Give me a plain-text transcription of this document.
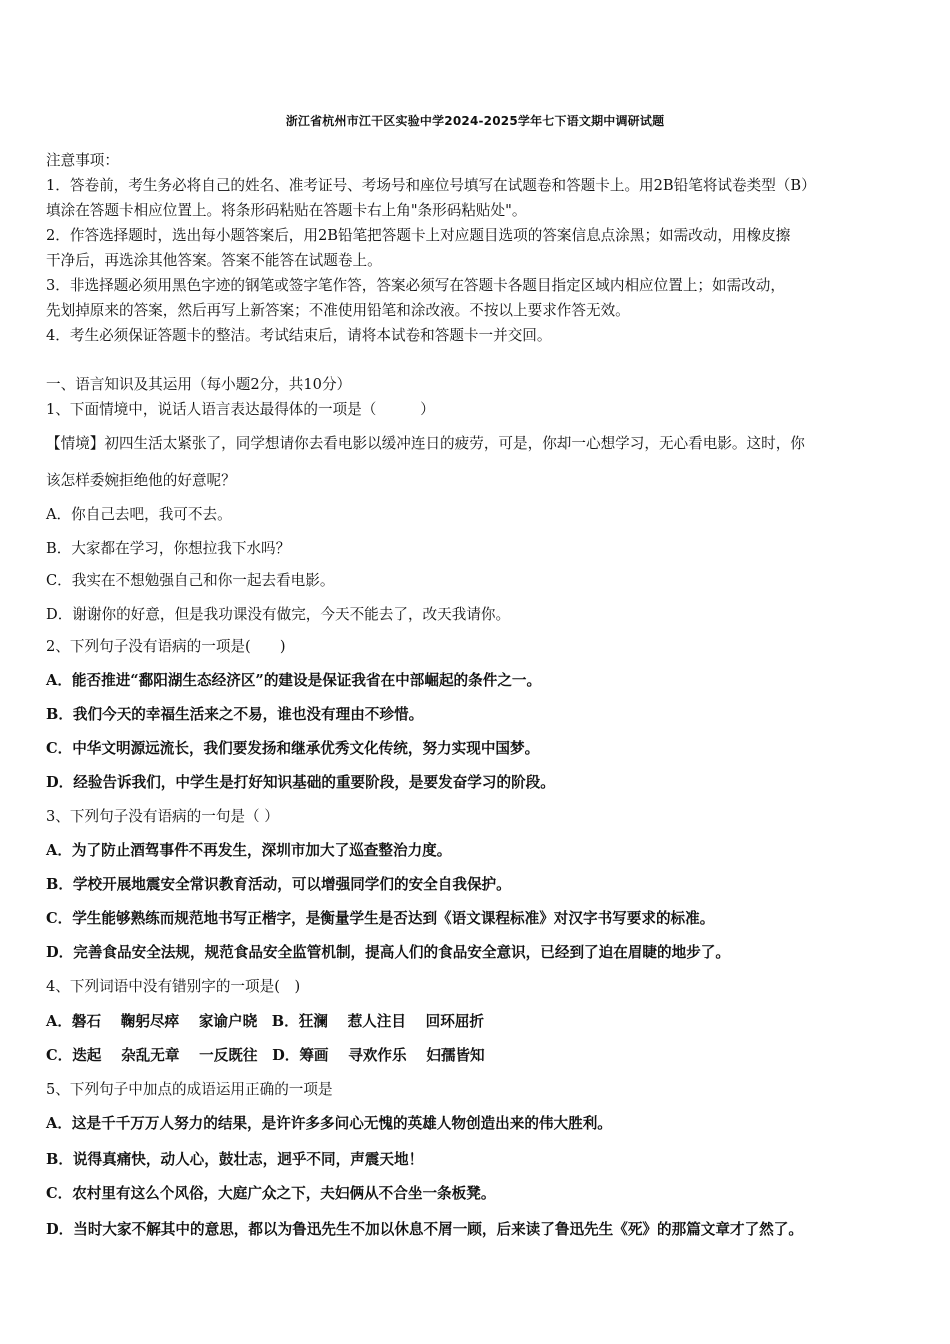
浙江省杭州市江干区实验中学2024-2025学年七下语文期中调研试题
注意事项：
1．答卷前，考生务必将自己的姓名、准考证号、考场号和座位号填写在试题卷和答题卡上。用2B铅笔将试卷类型（B）
填涂在答题卡相应位置上。将条形码粘贴在答题卡右上角"条形码粘贴处"。
2．作答选择题时，选出每小题答案后，用2B铅笔把答题卡上对应题目选项的答案信息点涂黑；如需改动，用橡皮擦
干净后，再选涂其他答案。答案不能答在试题卷上。
3．非选择题必须用黑色字迹的钢笔或签字笔作答，答案必须写在答题卡各题目指定区域内相应位置上；如需改动，
先划掉原来的答案，然后再写上新答案；不准使用铅笔和涂改液。不按以上要求作答无效。
4．考生必须保证答题卡的整洁。考试结束后，请将本试卷和答题卡一并交回。
一、语言知识及其运用（每小题2分，共10分）
1、下面情境中，说话人语言表达最得体的一项是（　　　）
【情境】初四生活太紧张了，同学想请你去看电影以缓冲连日的疲劳，可是，你却一心想学习，无心看电影。这时，你
该怎样委婉拒绝他的好意呢？
A．你自己去吧，我可不去。
B．大家都在学习，你想拉我下水吗？
C．我实在不想勉强自己和你一起去看电影。
D．谢谢你的好意，但是我功课没有做完，今天不能去了，改天我请你。
2、下列句子没有语病的一项是(　　)
A．能否推进“鄱阳湖生态经济区”的建设是保证我省在中部崛起的条件之一。
B．我们今天的幸福生活来之不易，谁也没有理由不珍惜。
C．中华文明源远流长，我们要发扬和继承优秀文化传统，努力实现中国梦。
D．经验告诉我们，中学生是打好知识基础的重要阶段，是要发奋学习的阶段。
3、下列句子没有语病的一句是（ ）
A．为了防止酒驾事件不再发生，深圳市加大了巡查整治力度。
B．学校开展地震安全常识教育活动，可以增强同学们的安全自我保护。
C．学生能够熟练而规范地书写正楷字，是衡量学生是否达到《语文课程标准》对汉字书写要求的标准。
D．完善食品安全法规，规范食品安全监管机制，提高人们的食品安全意识，已经到了迫在眉睫的地步了。
4、下列词语中没有错别字的一项是(　)
A．磐石　 鞠躬尽瘁　 家谕户晓　B．狂澜　 惹人注目　 回环屈折
C．迭起　 杂乱无章　 一反既往　D．筹画　 寻欢作乐　 妇孺皆知
5、下列句子中加点的成语运用正确的一项是
A．这是千千万万人努力的结果，是许许多多问心无愧的英雄人物创造出来的伟大胜利。
B．说得真痛快，动人心，鼓壮志，迥乎不同，声震天地！
C．农村里有这么个风俗，大庭广众之下，夫妇俩从不合坐一条板凳。
D．当时大家不解其中的意思，都以为鲁迅先生不加以休息不屑一顾，后来读了鲁迅先生《死》的那篇文章才了然了。
